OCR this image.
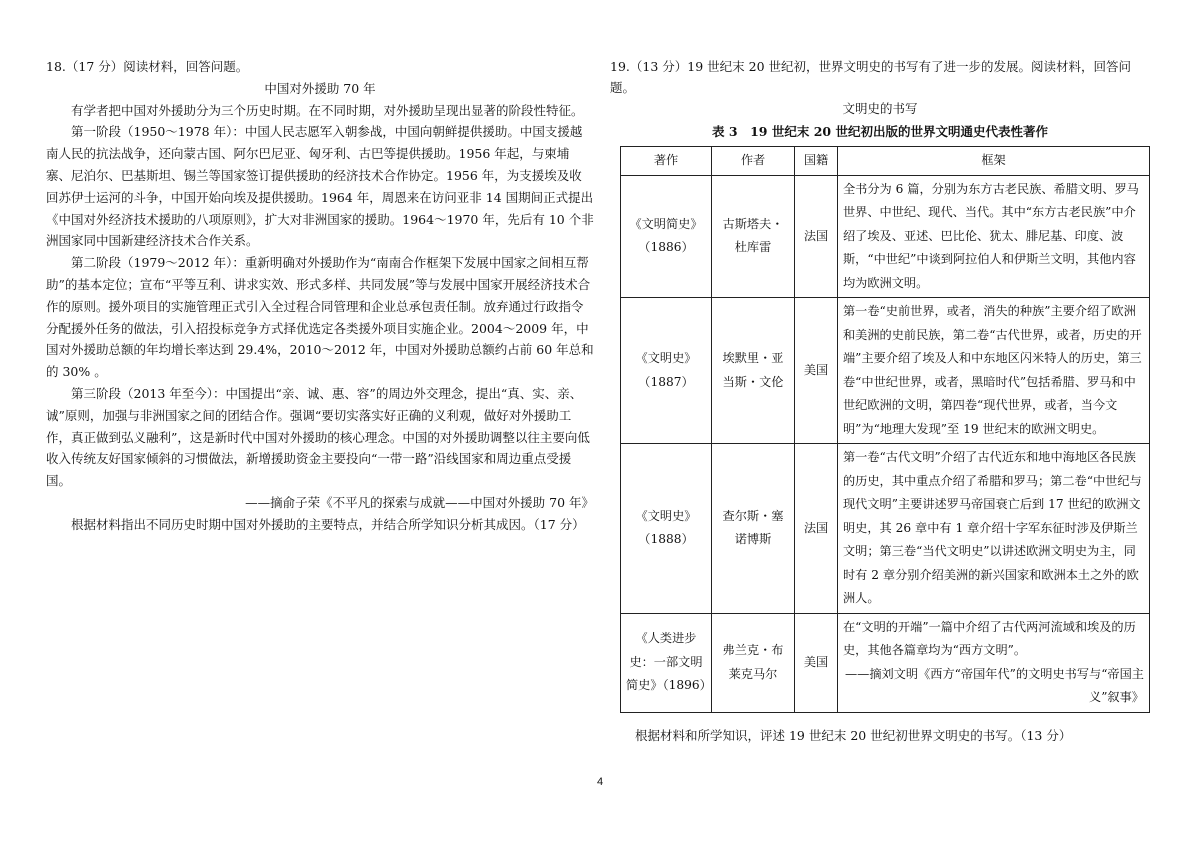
18.（17 分）阅读材料，回答问题。

中国对外援助 70 年

有学者把中国对外援助分为三个历史时期。在不同时期，对外援助呈现出显著的阶段性特征。

第一阶段（1950～1978 年）：中国人民志愿军入朝参战，中国向朝鲜提供援助。中国支援越南人民的抗法战争，还向蒙古国、阿尔巴尼亚、匈牙利、古巴等提供援助。1956 年起，与柬埔寨、尼泊尔、巴基斯坦、锡兰等国家签订提供援助的经济技术合作协定。1956 年，为支援埃及收回苏伊士运河的斗争，中国开始向埃及提供援助。1964 年，周恩来在访问亚非 14 国期间正式提出《中国对外经济技术援助的八项原则》，扩大对非洲国家的援助。1964～1970 年，先后有 10 个非洲国家同中国新建经济技术合作关系。

第二阶段（1979～2012 年）：重新明确对外援助作为“南南合作框架下发展中国家之间相互帮助”的基本定位；宣布“平等互利、讲求实效、形式多样、共同发展”等与发展中国家开展经济技术合作的原则。援外项目的实施管理正式引入全过程合同管理和企业总承包责任制。放弃通过行政指令分配援外任务的做法，引入招投标竞争方式择优选定各类援外项目实施企业。2004～2009 年，中国对外援助总额的年均增长率达到 29.4%，2010～2012 年，中国对外援助总额约占前 60 年总和的 30% 。

第三阶段（2013 年至今）：中国提出“亲、诚、惠、容”的周边外交理念，提出“真、实、亲、诚”原则，加强与非洲国家之间的团结合作。强调“要切实落实好正确的义利观，做好对外援助工作，真正做到弘义融利”，这是新时代中国对外援助的核心理念。中国的对外援助调整以往主要向低收入传统友好国家倾斜的习惯做法，新增援助资金主要投向“一带一路”沿线国家和周边重点受援国。

——摘俞子荣《不平凡的探索与成就——中国对外援助 70 年》

根据材料指出不同历史时期中国对外援助的主要特点，并结合所学知识分析其成因。（17 分）

19.（13 分）19 世纪末 20 世纪初，世界文明史的书写有了进一步的发展。阅读材料，回答问题。

文明史的书写

表 3　19 世纪末 20 世纪初出版的世界文明通史代表性著作

著作	作者	国籍	框架

《文明简史》
（1886）	古斯塔夫・杜库雷	法国	全书分为 6 篇，分别为东方古老民族、希腊文明、罗马世界、中世纪、现代、当代。其中“东方古老民族”中介绍了埃及、亚述、巴比伦、犹太、腓尼基、印度、波斯，“中世纪”中谈到阿拉伯人和伊斯兰文明，其他内容均为欧洲文明。

《文明史》
（1887）	埃默里・亚当斯・文伦	美国	第一卷“史前世界，或者，消失的种族”主要介绍了欧洲和美洲的史前民族，第二卷“古代世界，或者，历史的开端”主要介绍了埃及人和中东地区闪米特人的历史，第三卷“中世纪世界，或者，黑暗时代”包括希腊、罗马和中世纪欧洲的文明，第四卷“现代世界，或者，当今文明”为“地理大发现”至 19 世纪末的欧洲文明史。

《文明史》
（1888）	查尔斯・塞诺博斯	法国	第一卷“古代文明”介绍了古代近东和地中海地区各民族的历史，其中重点介绍了希腊和罗马；第二卷“中世纪与现代文明”主要讲述罗马帝国衰亡后到 17 世纪的欧洲文明史，其 26 章中有 1 章介绍十字军东征时涉及伊斯兰文明；第三卷“当代文明史”以讲述欧洲文明史为主，同时有 2 章分别介绍美洲的新兴国家和欧洲本土之外的欧洲人。

《人类进步史：一部文明简史》（1896）	弗兰克・布莱克马尔	美国	在“文明的开端”一篇中介绍了古代两河流域和埃及的历史，其他各篇章均为“西方文明”。
——摘刘文明《西方“帝国年代”的文明史书写与“帝国主义”叙事》

根据材料和所学知识，评述 19 世纪末 20 世纪初世界文明史的书写。（13 分）

4
